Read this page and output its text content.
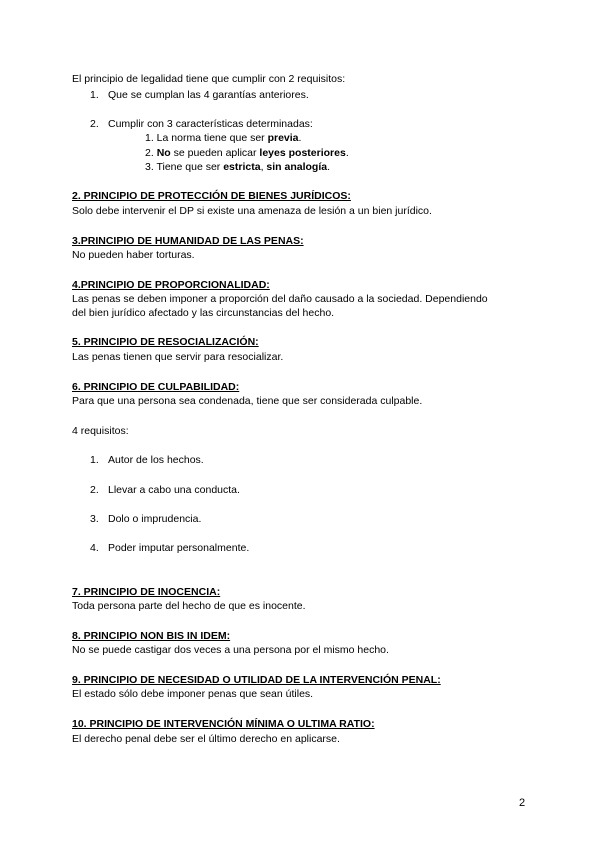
El principio de legalidad tiene que cumplir con 2 requisitos:
1. Que se cumplan las 4 garantías anteriores.
2. Cumplir con 3 características determinadas:
1. La norma tiene que ser previa.
2. No se pueden aplicar leyes posteriores.
3. Tiene que ser estricta, sin analogía.
2. PRINCIPIO DE PROTECCIÓN DE BIENES JURÍDICOS:
Solo debe intervenir el DP si existe una amenaza de lesión a un bien jurídico.
3.PRINCIPIO DE HUMANIDAD DE LAS PENAS:
No pueden haber torturas.
4.PRINCIPIO DE PROPORCIONALIDAD:
Las penas se deben imponer a proporción del daño causado a la sociedad. Dependiendo
del bien jurídico afectado y las circunstancias del hecho.
5. PRINCIPIO DE RESOCIALIZACIÓN:
Las penas tienen que servir para resocializar.
6. PRINCIPIO DE CULPABILIDAD:
Para que una persona sea condenada, tiene que ser considerada culpable.
4 requisitos:
1. Autor de los hechos.
2. Llevar a cabo una conducta.
3. Dolo o imprudencia.
4. Poder imputar personalmente.
7. PRINCIPIO DE INOCENCIA:
Toda persona parte del hecho de que es inocente.
8. PRINCIPIO NON BIS IN IDEM:
No se puede castigar dos veces a una persona por el mismo hecho.
9. PRINCIPIO DE NECESIDAD O UTILIDAD DE LA INTERVENCIÓN PENAL:
El estado sólo debe imponer penas que sean útiles.
10. PRINCIPIO DE INTERVENCIÓN MÍNIMA O ULTIMA RATIO:
El derecho penal debe ser el último derecho en aplicarse.
2
